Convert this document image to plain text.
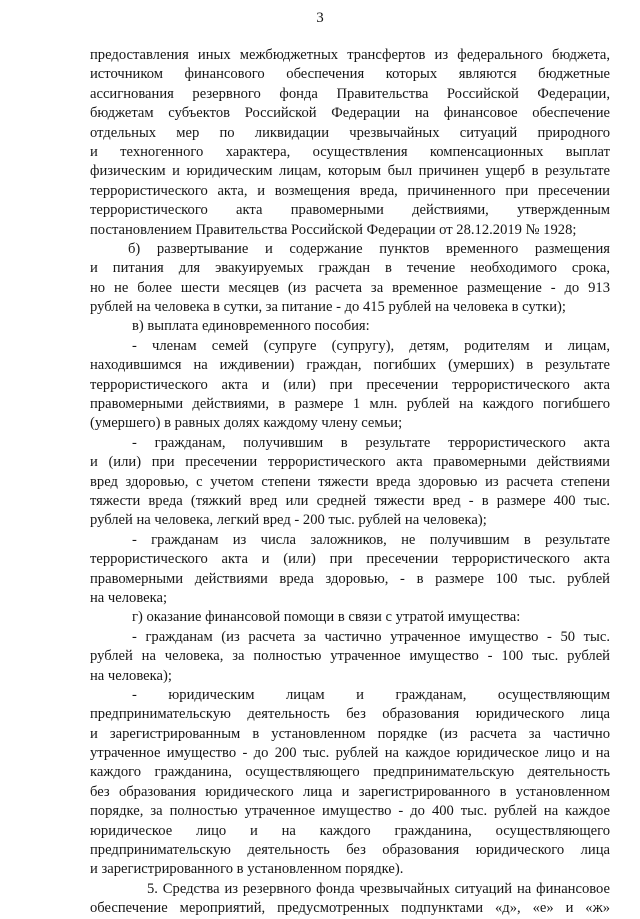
3
предоставления иных межбюджетных трансфертов из федерального бюджета,
источником финансового обеспечения которых являются бюджетные
ассигнования резервного фонда Правительства Российской Федерации,
бюджетам субъектов Российской Федерации на финансовое обеспечение
отдельных мер по ликвидации чрезвычайных ситуаций природного
и техногенного характера, осуществления компенсационных выплат
физическим и юридическим лицам, которым был причинен ущерб в результате
террористического акта, и возмещения вреда, причиненного при пресечении
террористического акта правомерными действиями, утвержденным
постановлением Правительства Российской Федерации от 28.12.2019 № 1928;
б) развертывание и содержание пунктов временного размещения
и питания для эвакуируемых граждан в течение необходимого срока,
но не более шести месяцев (из расчета за временное размещение - до 913
рублей на человека в сутки, за питание - до 415 рублей на человека в сутки);
в) выплата единовременного пособия:
- членам семей (супруге (супругу), детям, родителям и лицам,
находившимся на иждивении) граждан, погибших (умерших) в результате
террористического акта и (или) при пресечении террористического акта
правомерными действиями, в размере 1 млн. рублей на каждого погибшего
(умершего) в равных долях каждому члену семьи;
- гражданам, получившим в результате террористического акта
и (или) при пресечении террористического акта правомерными действиями
вред здоровью, с учетом степени тяжести вреда здоровью из расчета степени
тяжести вреда (тяжкий вред или средней тяжести вред - в размере 400 тыс.
рублей на человека, легкий вред - 200 тыс. рублей на человека);
- гражданам из числа заложников, не получившим в результате
террористического акта и (или) при пресечении террористического акта
правомерными действиями вреда здоровью, - в размере 100 тыс. рублей
на человека;
г) оказание финансовой помощи в связи с утратой имущества:
- гражданам (из расчета за частично утраченное имущество - 50 тыс.
рублей на человека, за полностью утраченное имущество - 100 тыс. рублей
на человека);
- юридическим лицам и гражданам, осуществляющим
предпринимательскую деятельность без образования юридического лица
и зарегистрированным в установленном порядке (из расчета за частично
утраченное имущество - до 200 тыс. рублей на каждое юридическое лицо и на
каждого гражданина, осуществляющего предпринимательскую деятельность
без образования юридического лица и зарегистрированного в установленном
порядке, за полностью утраченное имущество - до 400 тыс. рублей на каждое
юридическое лицо и на каждого гражданина, осуществляющего
предпринимательскую деятельность без образования юридического лица
и зарегистрированного в установленном порядке).
5. Средства из резервного фонда чрезвычайных ситуаций на финансовое
обеспечение мероприятий, предусмотренных подпунктами «д», «е» и «ж»
